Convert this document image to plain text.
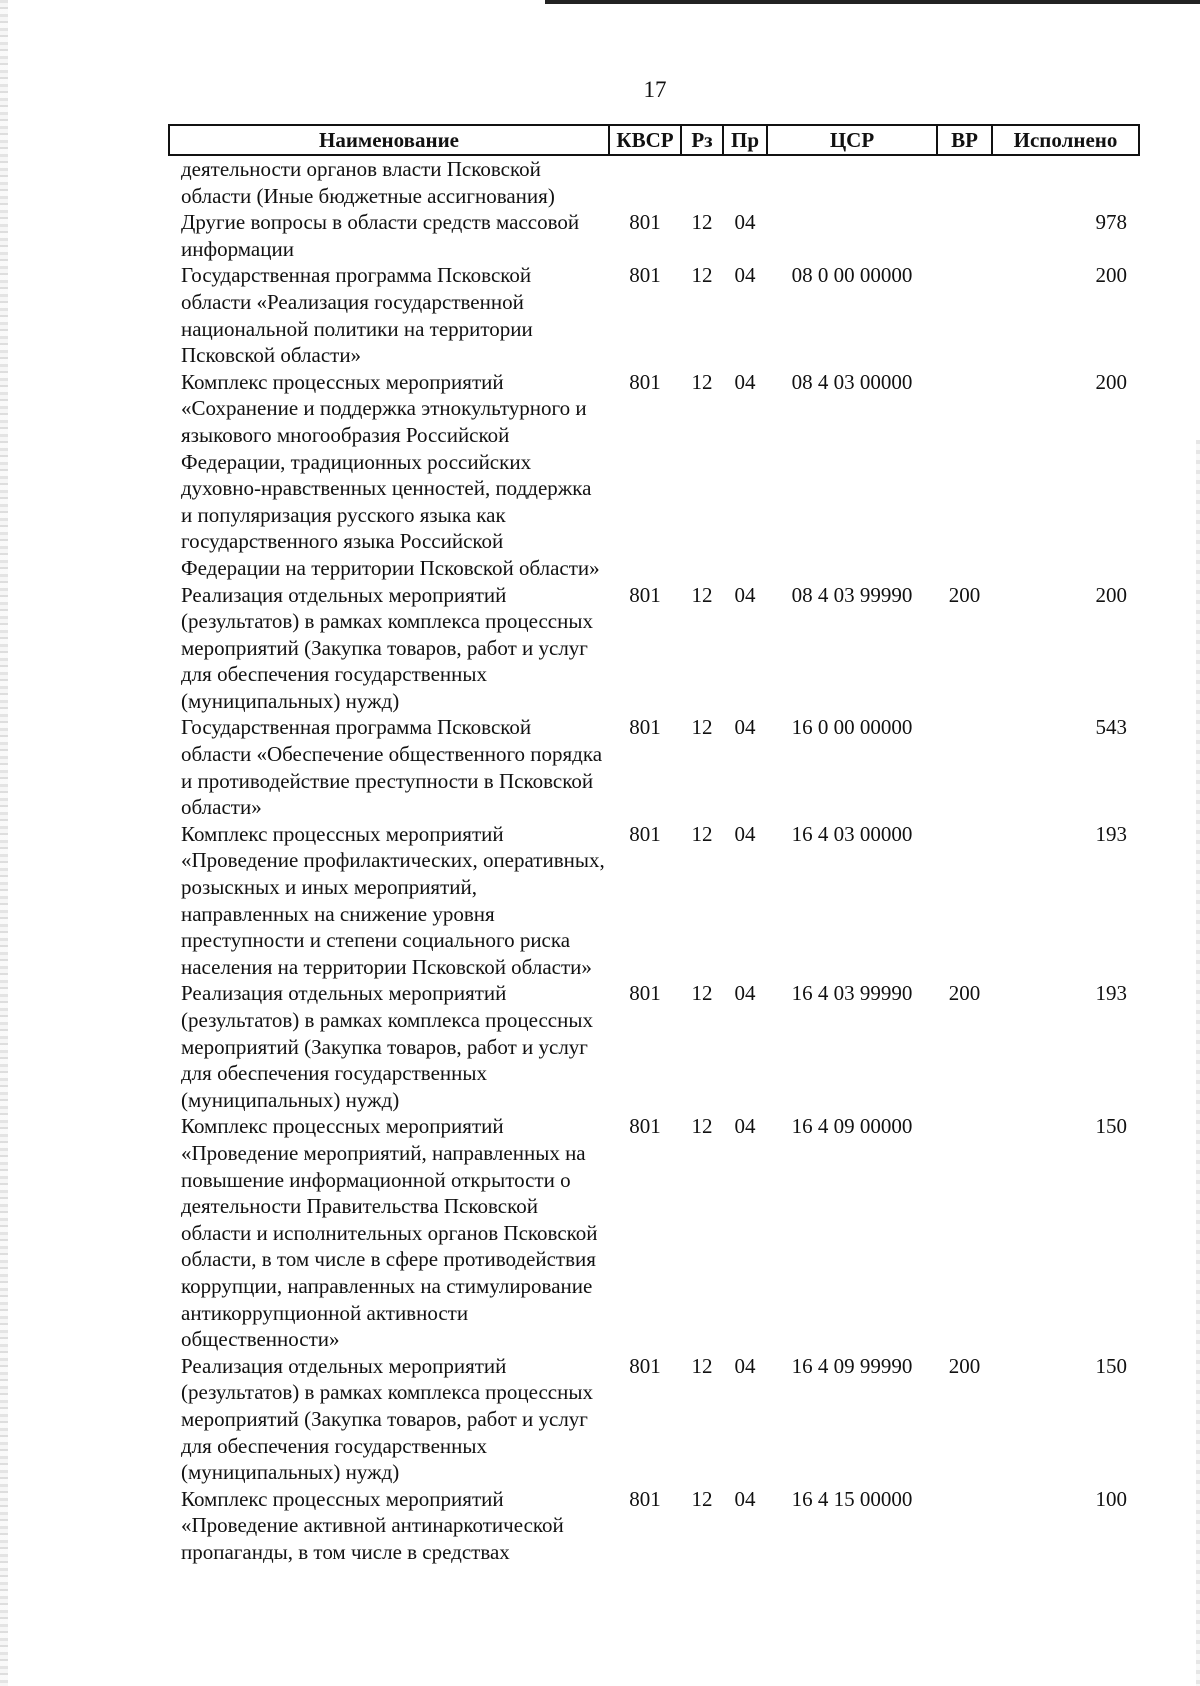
17
Наименование	КВСР	Рз	Пр	ЦСР	ВР	Исполнено
деятельности органов власти Псковской области (Иные бюджетные ассигнования)						
Другие вопросы в области средств массовой информации	801	12	04			978
Государственная программа Псковской области «Реализация государственной национальной политики на территории Псковской области»	801	12	04	08 0 00 00000		200
Комплекс процессных мероприятий «Сохранение и поддержка этнокультурного и языкового многообразия Российской Федерации, традиционных российских духовно-нравственных ценностей, поддержка и популяризация русского языка как государственного языка Российской Федерации на территории Псковской области»	801	12	04	08 4 03 00000		200
Реализация отдельных мероприятий (результатов) в рамках комплекса процессных мероприятий (Закупка товаров, работ и услуг для обеспечения государственных (муниципальных) нужд)	801	12	04	08 4 03 99990	200	200
Государственная программа Псковской области «Обеспечение общественного порядка и противодействие преступности в Псковской области»	801	12	04	16 0 00 00000		543
Комплекс процессных мероприятий «Проведение профилактических, оперативных, розыскных и иных мероприятий, направленных на снижение уровня преступности и степени социального риска населения на территории Псковской области»	801	12	04	16 4 03 00000		193
Реализация отдельных мероприятий (результатов) в рамках комплекса процессных мероприятий (Закупка товаров, работ и услуг для обеспечения государственных (муниципальных) нужд)	801	12	04	16 4 03 99990	200	193
Комплекс процессных мероприятий «Проведение мероприятий, направленных на повышение информационной открытости о деятельности Правительства Псковской области и исполнительных органов Псковской области, в том числе в сфере противодействия коррупции, направленных на стимулирование антикоррупционной активности общественности»	801	12	04	16 4 09 00000		150
Реализация отдельных мероприятий (результатов) в рамках комплекса процессных мероприятий (Закупка товаров, работ и услуг для обеспечения государственных (муниципальных) нужд)	801	12	04	16 4 09 99990	200	150
Комплекс процессных мероприятий «Проведение активной антинаркотической пропаганды, в том числе в средствах	801	12	04	16 4 15 00000		100
